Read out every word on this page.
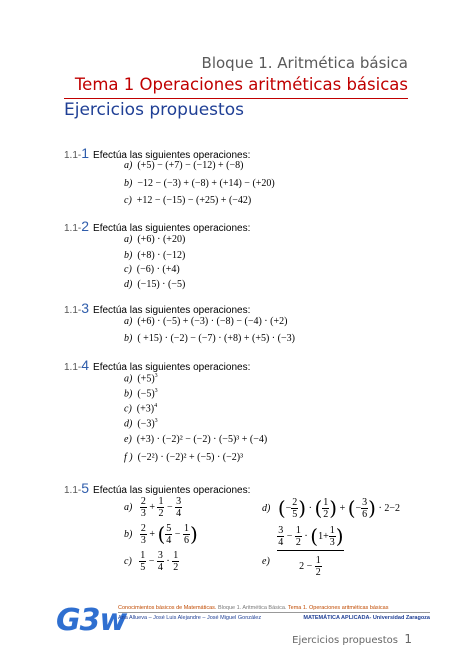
Bloque 1. Aritmética básica
Tema 1 Operaciones aritméticas básicas
Ejercicios propuestos
1.1-1 Efectúa las siguientes operaciones:
a) (+5) − (+7) − (−12) + (−8)
b) −12 − (−3) + (−8) + (+14) − (+20)
c) +12 − (−15) − (+25) + (−42)
1.1-2 Efectúa las siguientes operaciones:
a) (+6) · (+20)
b) (+8) · (−12)
c) (−6) · (+4)
d) (−15) · (−5)
1.1-3 Efectúa las siguientes operaciones:
a) (+6) · (−5) + (−3) · (−8) − (−4) · (+2)
b) ( +15) · (−2) − (−7) · (+8) + (+5) · (−3)
1.1-4 Efectúa las siguientes operaciones:
a) $(+5)^3$
b) $(-5)^3$
c) $(+3)^4$
d) $(-3)^3$
e) (+3) · (−2)² − (−2) · (−5)³ + (−4)
f ) (−2²) · (−2)² + (−5) · (−2)³
1.1-5 Efectúa las siguientes operaciones:
$a) \frac{2}{3} + \frac{1}{2} - \frac{3}{4}$
$b) \frac{2}{3}$ + ( $\frac{5}{4} - \frac{1}{6}$ )
$c) \frac{1}{5} - \frac{3}{4} \cdot \frac{1}{2}$
d) (− $\frac{2}{5}$ ) · ( $\frac{1}{2}$ ) + (− $\frac{3}{6}$ ) · 2−2
$e) \frac{\frac{3}{4} - \frac{1}{2} \cdot (1+ \frac{1}{3} )}{2 - \frac{1}{2}}$
G3w
Conocimientos básicos de Matemáticas. Bloque 1. Aritmética Básica. Tema 1. Operaciones aritméticas básicas
Ana Allueva – José Luis Alejandre – José Miguel González	MATEMÁTICA APLICADA- Universidad Zaragoza
Ejercicios propuestos 1
